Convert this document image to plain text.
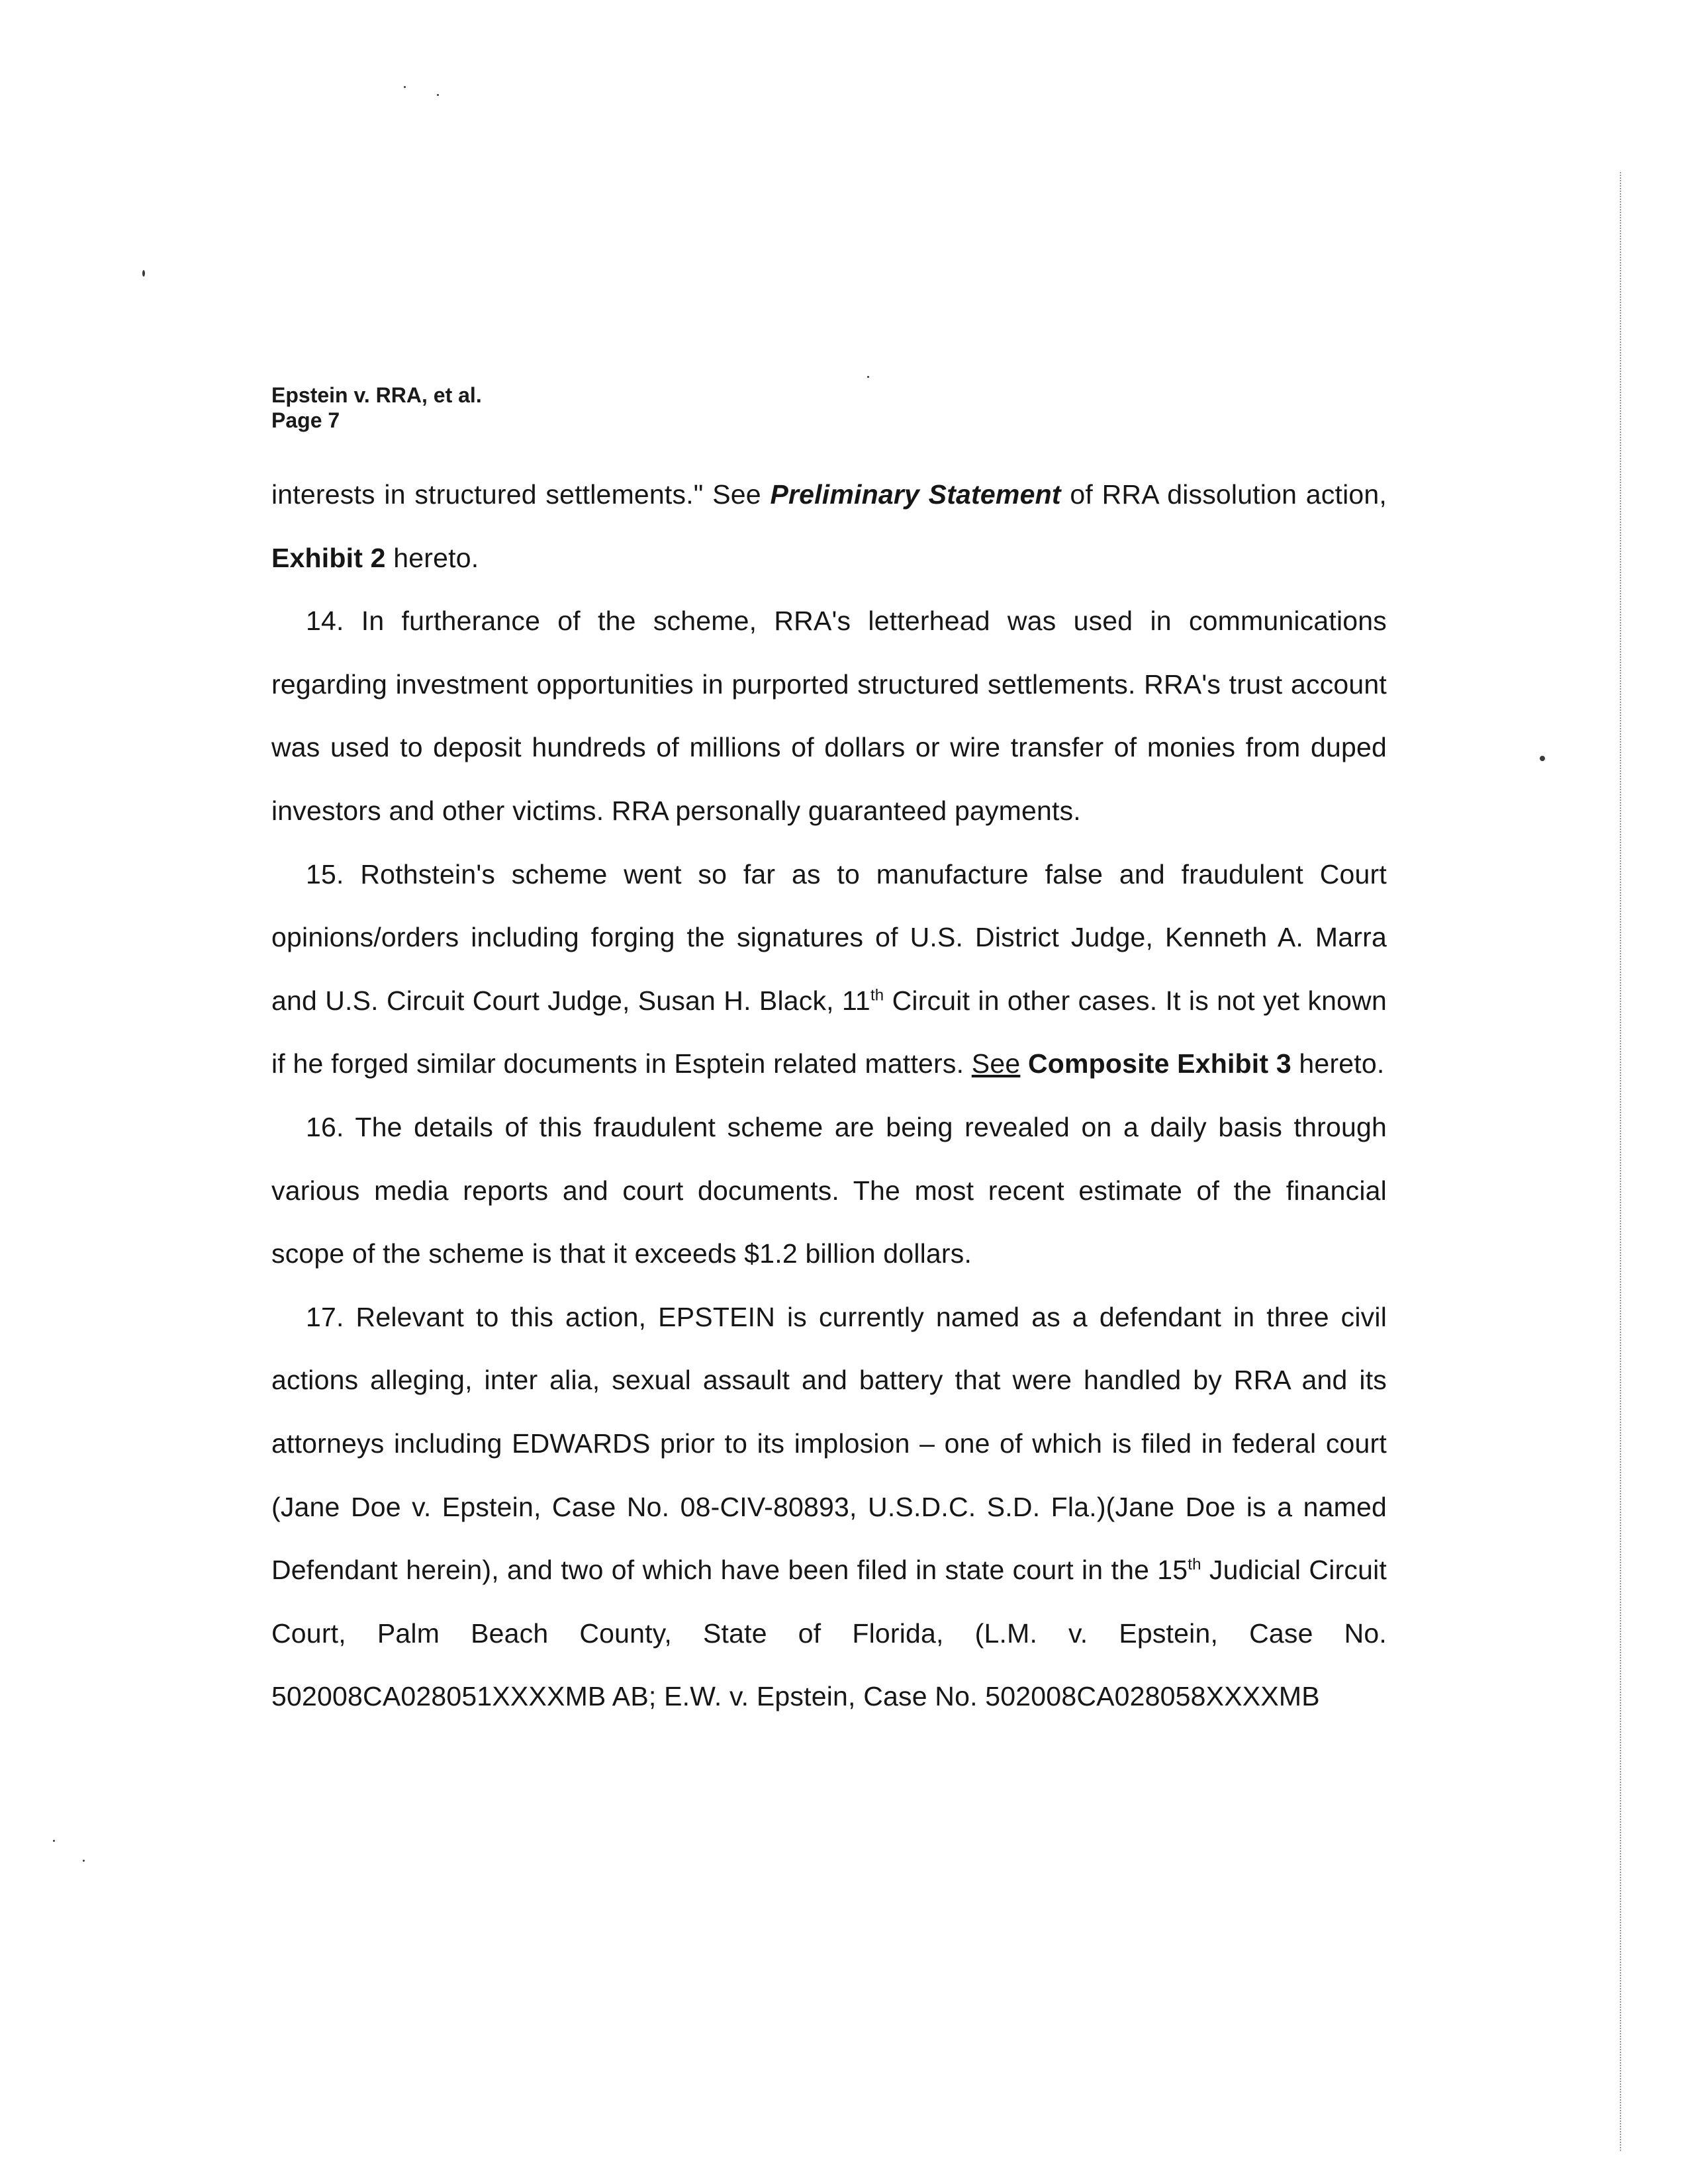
Epstein v. RRA, et al.
Page 7

interests in structured settlements." See Preliminary Statement of RRA dissolution action, Exhibit 2 hereto.

14. In furtherance of the scheme, RRA's letterhead was used in communications regarding investment opportunities in purported structured settlements. RRA's trust account was used to deposit hundreds of millions of dollars or wire transfer of monies from duped investors and other victims. RRA personally guaranteed payments.

15. Rothstein's scheme went so far as to manufacture false and fraudulent Court opinions/orders including forging the signatures of U.S. District Judge, Kenneth A. Marra and U.S. Circuit Court Judge, Susan H. Black, 11th Circuit in other cases. It is not yet known if he forged similar documents in Esptein related matters. See Composite Exhibit 3 hereto.

16. The details of this fraudulent scheme are being revealed on a daily basis through various media reports and court documents. The most recent estimate of the financial scope of the scheme is that it exceeds $1.2 billion dollars.

17. Relevant to this action, EPSTEIN is currently named as a defendant in three civil actions alleging, inter alia, sexual assault and battery that were handled by RRA and its attorneys including EDWARDS prior to its implosion – one of which is filed in federal court (Jane Doe v. Epstein, Case No. 08-CIV-80893, U.S.D.C. S.D. Fla.)(Jane Doe is a named Defendant herein), and two of which have been filed in state court in the 15th Judicial Circuit Court, Palm Beach County, State of Florida, (L.M. v. Epstein, Case No. 502008CA028051XXXXMB AB; E.W. v. Epstein, Case No. 502008CA028058XXXXMB
